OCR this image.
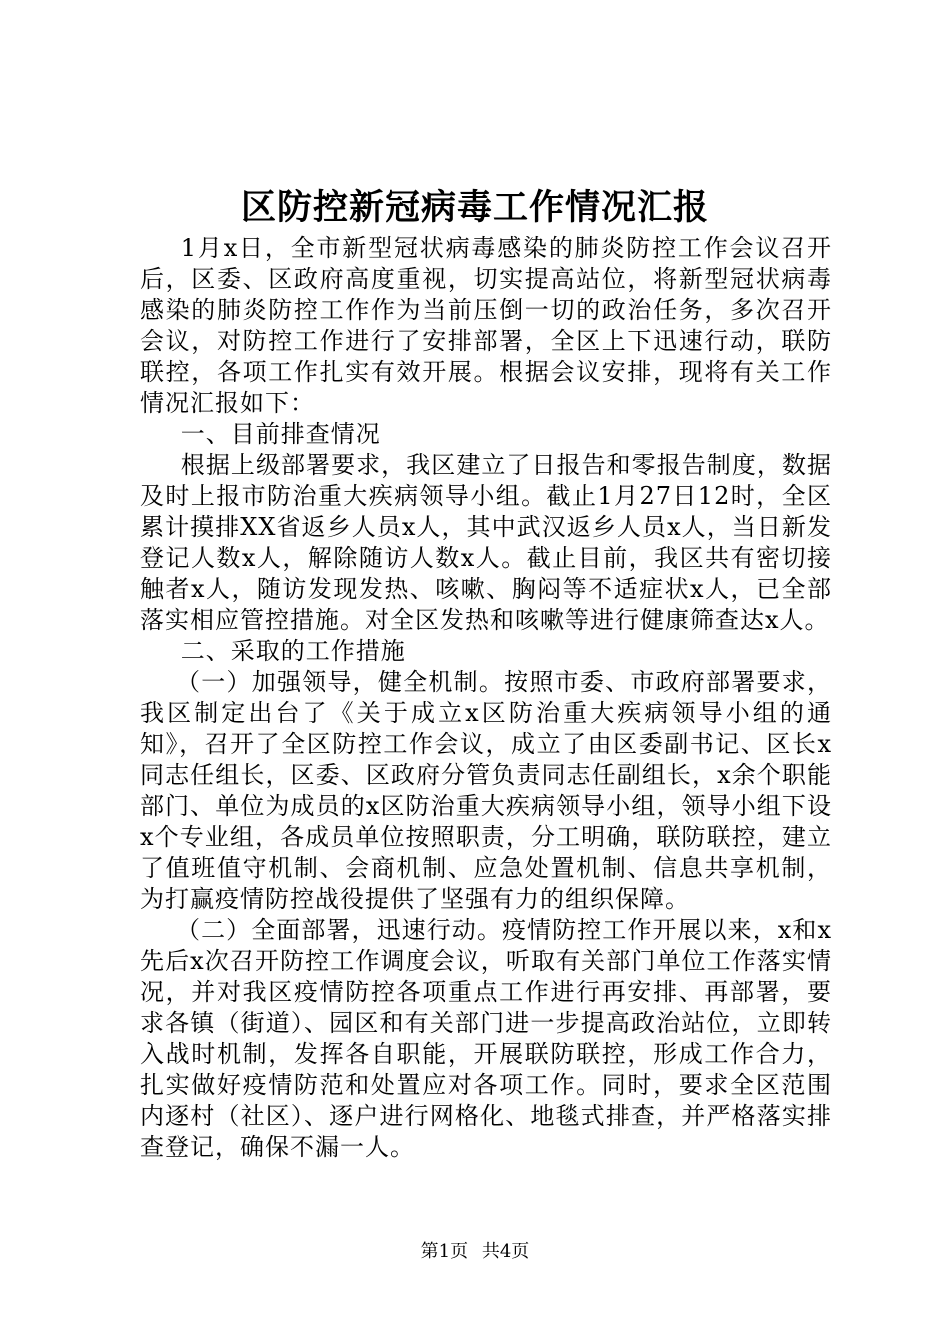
区防控新冠病毒工作情况汇报

1月x日，全市新型冠状病毒感染的肺炎防控工作会议召开后，区委、区政府高度重视，切实提高站位，将新型冠状病毒感染的肺炎防控工作作为当前压倒一切的政治任务，多次召开会议，对防控工作进行了安排部署，全区上下迅速行动，联防联控，各项工作扎实有效开展。根据会议安排，现将有关工作情况汇报如下：

一、目前排查情况

根据上级部署要求，我区建立了日报告和零报告制度，数据及时上报市防治重大疾病领导小组。截止1月27日12时，全区累计摸排XX省返乡人员x人，其中武汉返乡人员x人，当日新发登记人数x人，解除随访人数x人。截止目前，我区共有密切接触者x人，随访发现发热、咳嗽、胸闷等不适症状x人，已全部落实相应管控措施。对全区发热和咳嗽等进行健康筛查达x人。

二、采取的工作措施

（一）加强领导，健全机制。按照市委、市政府部署要求，我区制定出台了《关于成立x区防治重大疾病领导小组的通知》，召开了全区防控工作会议，成立了由区委副书记、区长x同志任组长，区委、区政府分管负责同志任副组长，x余个职能部门、单位为成员的x区防治重大疾病领导小组，领导小组下设x个专业组，各成员单位按照职责，分工明确，联防联控，建立了值班值守机制、会商机制、应急处置机制、信息共享机制，为打赢疫情防控战役提供了坚强有力的组织保障。

（二）全面部署，迅速行动。疫情防控工作开展以来，x和x先后x次召开防控工作调度会议，听取有关部门单位工作落实情况，并对我区疫情防控各项重点工作进行再安排、再部署，要求各镇（街道）、园区和有关部门进一步提高政治站位，立即转入战时机制，发挥各自职能，开展联防联控，形成工作合力，扎实做好疫情防范和处置应对各项工作。同时，要求全区范围内逐村（社区）、逐户进行网格化、地毯式排查，并严格落实排查登记，确保不漏一人。

第1页 共4页
